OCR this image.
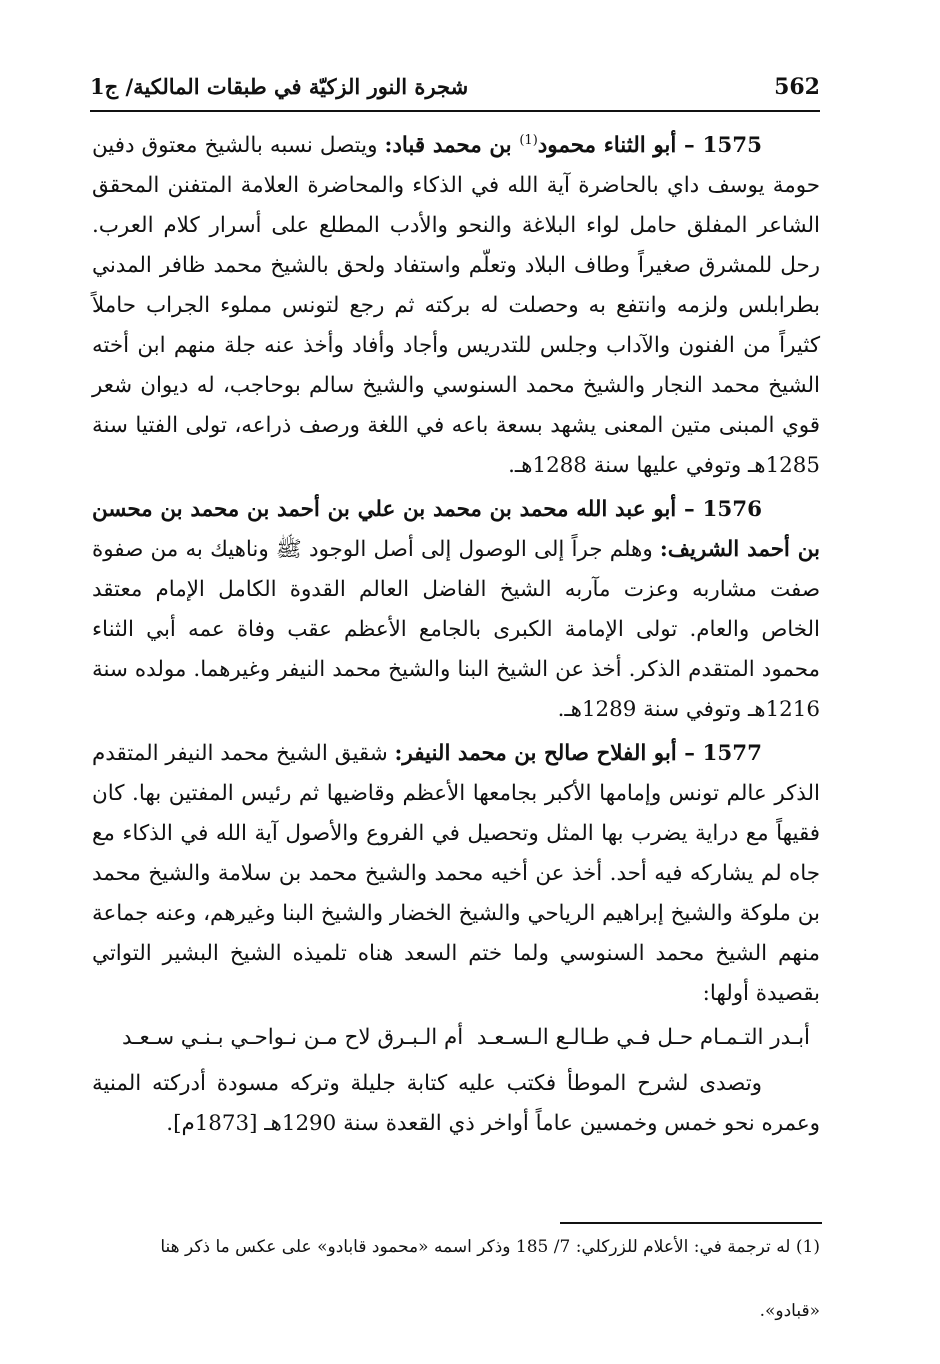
562
شجرة النور الزكيّة في طبقات المالكية/ ج1

1575 – أبو الثناء محمود$^{(1)}$ بن محمد قباد: ويتصل نسبه بالشيخ معتوق دفين حومة يوسف داي بالحاضرة آية الله في الذكاء والمحاضرة العلامة المتفنن المحقق الشاعر المفلق حامل لواء البلاغة والنحو والأدب المطلع على أسرار كلام العرب. رحل للمشرق صغيراً وطاف البلاد وتعلّم واستفاد ولحق بالشيخ محمد ظافر المدني بطرابلس ولزمه وانتفع به وحصلت له بركته ثم رجع لتونس مملوء الجراب حاملاً كثيراً من الفنون والآداب وجلس للتدريس وأجاد وأفاد وأخذ عنه جلة منهم ابن أخته الشيخ محمد النجار والشيخ محمد السنوسي والشيخ سالم بوحاجب، له ديوان شعر قوي المبنى متين المعنى يشهد بسعة باعه في اللغة ورصف ذراعه، تولى الفتيا سنة 1285هـ وتوفي عليها سنة 1288هـ.

1576 – أبو عبد الله محمد بن محمد بن علي بن أحمد بن محمد بن محسن بن أحمد الشريف: وهلم جراً إلى الوصول إلى أصل الوجود ﷺ وناهيك به من صفوة صفت مشاربه وعزت مآربه الشيخ الفاضل العالم القدوة الكامل الإمام معتقد الخاص والعام. تولى الإمامة الكبرى بالجامع الأعظم عقب وفاة عمه أبي الثناء محمود المتقدم الذكر. أخذ عن الشيخ البنا والشيخ محمد النيفر وغيرهما. مولده سنة 1216هـ وتوفي سنة 1289هـ.

1577 – أبو الفلاح صالح بن محمد النيفر: شقيق الشيخ محمد النيفر المتقدم الذكر عالم تونس وإمامها الأكبر بجامعها الأعظم وقاضيها ثم رئيس المفتين بها. كان فقيهاً مع دراية يضرب بها المثل وتحصيل في الفروع والأصول آية الله في الذكاء مع جاه لم يشاركه فيه أحد. أخذ عن أخيه محمد والشيخ محمد بن سلامة والشيخ محمد بن ملوكة والشيخ إبراهيم الرياحي والشيخ الخضار والشيخ البنا وغيرهم، وعنه جماعة منهم الشيخ محمد السنوسي ولما ختم السعد هناه تلميذه الشيخ البشير التواتي بقصيدة أولها:

أبـدر التـمـام حـل فـي طـالـع الـسـعـد
أم الـبـرق لاح مـن نـواحـي بـنـي سـعـد

وتصدى لشرح الموطأ فكتب عليه كتابة جليلة وتركه مسودة أدركته المنية وعمره نحو خمس وخمسين عاماً أواخر ذي القعدة سنة 1290هـ [1873م].

(1) له ترجمة في: الأعلام للزركلي: 7/ 185 وذكر اسمه «محمود قابادو» على عكس ما ذكر هنا
«قبادو».
